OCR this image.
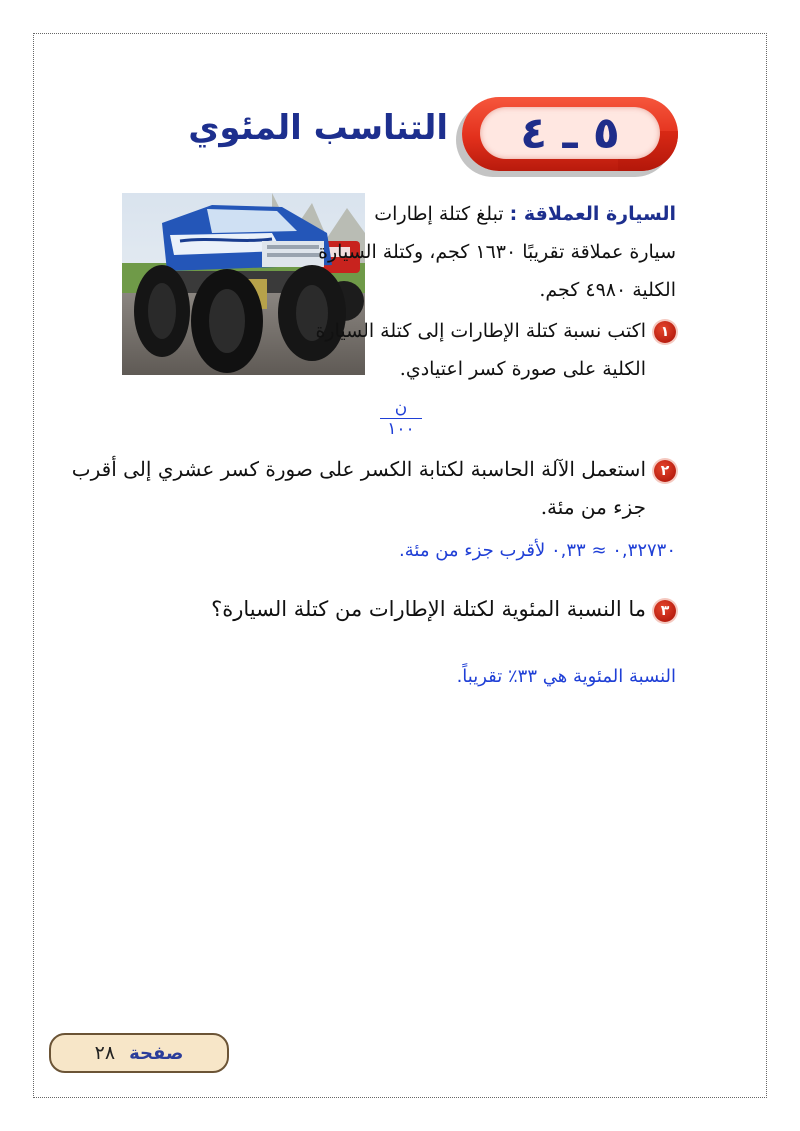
٥ ـ ٤
التناسب المئوي

السيارة العملاقة : تبلغ كتلة إطارات
سيارة عملاقة تقريبًا ١٦٣٠ كجم، وكتلة السيارة
الكلية ٤٩٨٠ كجم.

١اكتب نسبة كتلة الإطارات إلى كتلة السيارة
الكلية على صورة كسر اعتيادي.

ن
١٠٠

٢استعمل الآلة الحاسبة لكتابة الكسر على صورة كسر عشري إلى أقرب
جزء من مئة.

٠,٣٢٧٣٠ ≈ ٠,٣٣ لأقرب جزء من مئة.

٣ما النسبة المئوية لكتلة الإطارات من كتلة السيارة؟

النسبة المئوية هي ٣٣٪ تقريباً.

صفحة
٢٨
